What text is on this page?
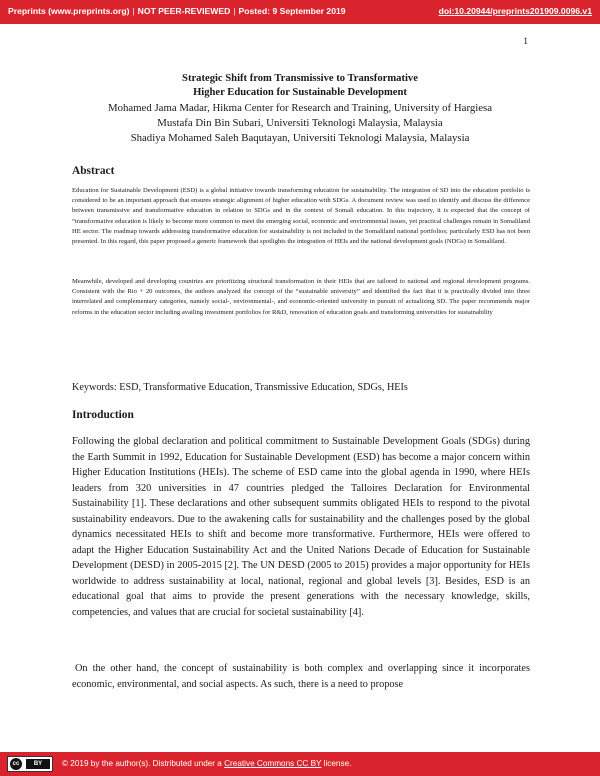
Preprints (www.preprints.org) | NOT PEER-REVIEWED | Posted: 9 September 2019	doi:10.20944/preprints201909.0096.v1
1
Strategic Shift from Transmissive to Transformative
Higher Education for Sustainable Development
Mohamed Jama Madar, Hikma Center for Research and Training, University of Hargiesa
Mustafa Din Bin Subari, Universiti Teknologi Malaysia, Malaysia
Shadiya Mohamed Saleh Baqutayan, Universiti Teknologi Malaysia, Malaysia
Abstract
Education for Sustainable Development (ESD) is a global initiative towards transforming education for sustainability. The integration of SD into the education portfolio is considered to be an important approach that ensures strategic alignment of higher education with SDGs. A document review was used to identify and discuss the difference between transmissive and transformative education in relation to SDGs and in the context of Somali education. In this trajectory, it is expected that the concept of “transformative education is likely to become more common to meet the emerging social, economic and environmental issues, yet practical challenges remain in Somaliland HE sector. The roadmap towards addressing transformative education for sustainability is not included in the Somaliland national portfolios; particularly ESD has not been presented. In this regard, this paper proposed a generic framework that spotlights the integration of HEIs and the national development goals (NDGs) in Somaliland.
Meanwhile, developed and developing countries are prioritizing structural transformation in their HEIs that are tailored to national and regional development programs. Consistent with the Rio + 20 outcomes, the authors analyzed the concept of the “sustainable university” and identified the fact that it is practically divided into three interrelated and complementary categories, namely social-, environmental-, and economic-oriented university in pursuit of actualizing SD. The paper recommends major reforms in the education sector including availing investment portfolios for R&D, renovation of education goals and transforming universities for sustainability
Keywords: ESD, Transformative Education, Transmissive Education, SDGs, HEIs
Introduction
Following the global declaration and political commitment to Sustainable Development Goals (SDGs) during the Earth Summit in 1992, Education for Sustainable Development (ESD) has become a major concern within Higher Education Institutions (HEIs). The scheme of ESD came into the global agenda in 1990, where HEIs leaders from 320 universities in 47 countries pledged the Talloires Declaration for Environmental Sustainability [1]. These declarations and other subsequent summits obligated HEIs to respond to the pivotal sustainability endeavors. Due to the awakening calls for sustainability and the challenges posed by the global dynamics necessitated HEIs to shift and become more transformative. Furthermore, HEIs were offered to adapt the Higher Education Sustainability Act and the United Nations Decade of Education for Sustainable Development (DESD) in 2005-2015 [2]. The UN DESD (2005 to 2015) provides a major opportunity for HEIs worldwide to address sustainability at local, national, regional and global levels [3]. Besides, ESD is an educational goal that aims to provide the present generations with the necessary knowledge, skills, competencies, and values that are crucial for societal sustainability [4].
On the other hand, the concept of sustainability is both complex and overlapping since it incorporates economic, environmental, and social aspects. As such, there is a need to propose
cc	BY	© 2019 by the author(s). Distributed under a Creative Commons CC BY license.
